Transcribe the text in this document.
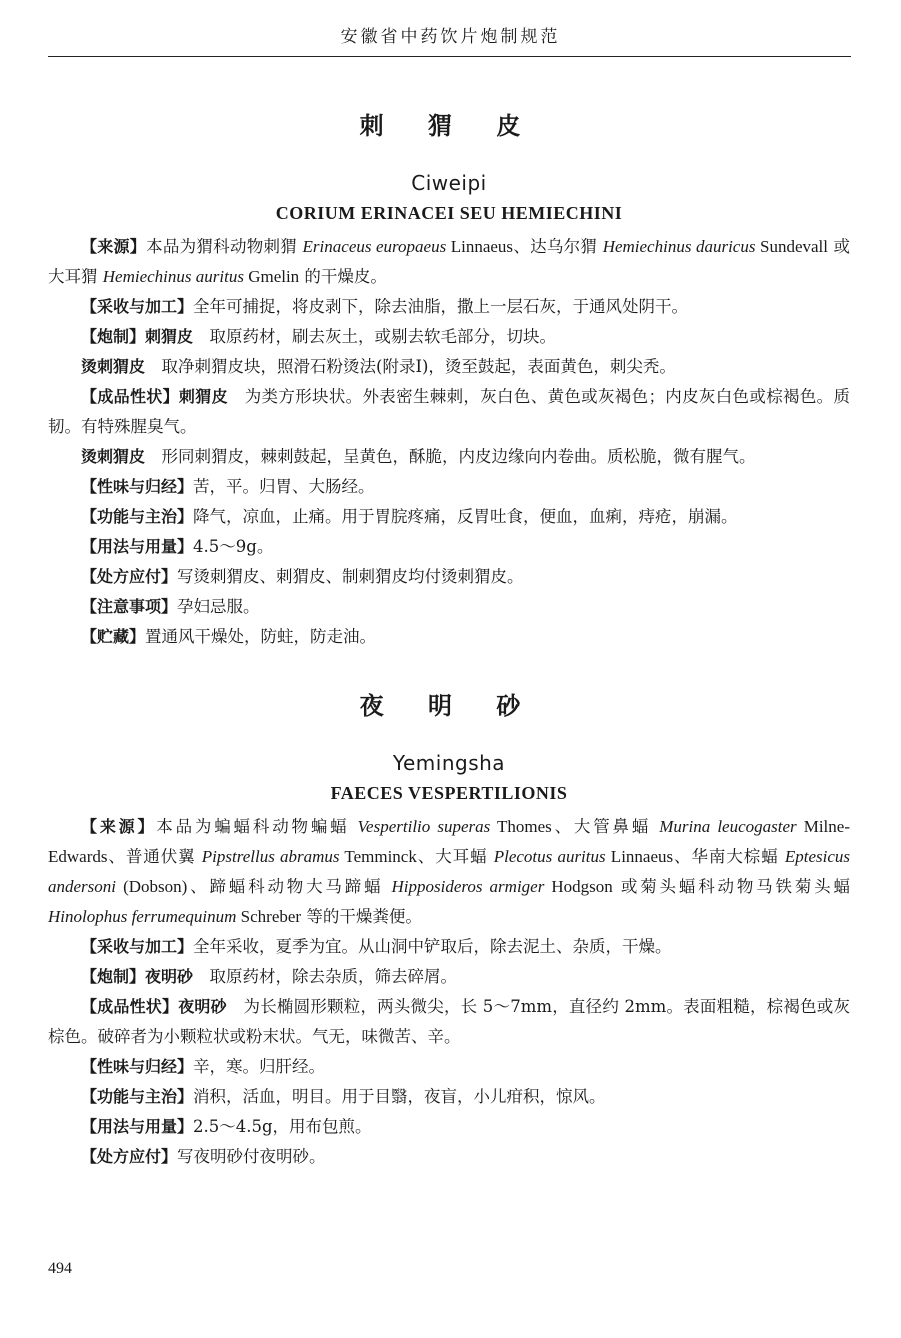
安徽省中药饮片炮制规范
刺 猬 皮
Ciweipi
CORIUM ERINACEI SEU HEMIECHINI

【来源】本品为猬科动物刺猬 Erinaceus europaeus Linnaeus、达乌尔猬 Hemiechinus dauricus Sundevall 或大耳猬 Hemiechinus auritus Gmelin 的干燥皮。

【采收与加工】全年可捕捉，将皮剥下，除去油脂，撒上一层石灰，于通风处阴干。

【炮制】刺猬皮　取原药材，刷去灰土，或剔去软毛部分，切块。

烫刺猬皮　取净刺猬皮块，照滑石粉烫法(附录Ⅰ)，烫至鼓起，表面黄色，刺尖秃。

【成品性状】刺猬皮　为类方形块状。外表密生棘刺，灰白色、黄色或灰褐色；内皮灰白色或棕褐色。质韧。有特殊腥臭气。

烫刺猬皮　形同刺猬皮，棘刺鼓起，呈黄色，酥脆，内皮边缘向内卷曲。质松脆，微有腥气。

【性味与归经】苦，平。归胃、大肠经。

【功能与主治】降气，凉血，止痛。用于胃脘疼痛，反胃吐食，便血，血痢，痔疮，崩漏。

【用法与用量】4.5～9g。

【处方应付】写烫刺猬皮、刺猬皮、制刺猬皮均付烫刺猬皮。

【注意事项】孕妇忌服。

【贮藏】置通风干燥处，防蛀，防走油。

夜 明 砂
Yemingsha
FAECES VESPERTILIONIS

【来源】本品为蝙蝠科动物蝙蝠 Vespertilio superas Thomes、大管鼻蝠 Murina leucogaster Milne-Edwards、普通伏翼 Pipstrellus abramus Temminck、大耳蝠 Plecotus auritus Linnaeus、华南大棕蝠 Eptesicus andersoni (Dobson)、蹄蝠科动物大马蹄蝠 Hipposideros armiger Hodgson 或菊头蝠科动物马铁菊头蝠 Hinolophus ferrumequinum Schreber 等的干燥粪便。

【采收与加工】全年采收，夏季为宜。从山洞中铲取后，除去泥土、杂质，干燥。

【炮制】夜明砂　取原药材，除去杂质，筛去碎屑。

【成品性状】夜明砂　为长椭圆形颗粒，两头微尖，长 5～7mm，直径约 2mm。表面粗糙，棕褐色或灰棕色。破碎者为小颗粒状或粉末状。气无，味微苦、辛。

【性味与归经】辛，寒。归肝经。

【功能与主治】消积，活血，明目。用于目翳，夜盲，小儿疳积，惊风。

【用法与用量】2.5～4.5g，用布包煎。

【处方应付】写夜明砂付夜明砂。

494
